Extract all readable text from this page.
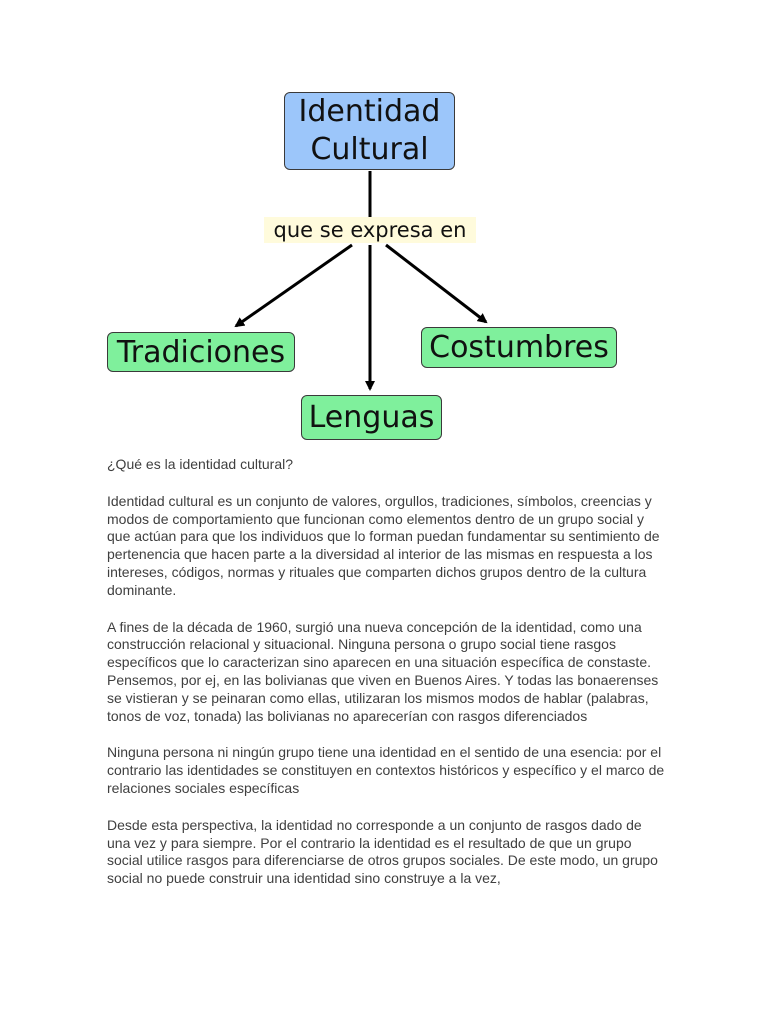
Identidad Cultural
que se expresa en
Tradiciones	Costumbres
Lenguas
¿Qué es la identidad cultural?

Identidad cultural es un conjunto de valores, orgullos, tradiciones, símbolos, creencias y modos de comportamiento que funcionan como elementos dentro de un grupo social y que actúan para que los individuos que lo forman puedan fundamentar su sentimiento de pertenencia que hacen parte a la diversidad al interior de las mismas en respuesta a los intereses, códigos, normas y rituales que comparten dichos grupos dentro de la cultura dominante.

A fines de la década de 1960, surgió una nueva concepción de la identidad, como una construcción relacional y situacional. Ninguna persona o grupo social tiene rasgos específicos que lo caracterizan sino aparecen en una situación específica de constaste. Pensemos, por ej, en las bolivianas que viven en Buenos Aires. Y todas las bonaerenses se vistieran y se peinaran como ellas, utilizaran los mismos modos de hablar (palabras, tonos de voz, tonada) las bolivianas no aparecerían con rasgos diferenciados

Ninguna persona ni ningún grupo tiene una identidad en el sentido de una esencia: por el contrario las identidades se constituyen en contextos históricos y específico y el marco de relaciones sociales específicas

Desde esta perspectiva, la identidad no corresponde a un conjunto de rasgos dado de una vez y para siempre. Por el contrario la identidad es el resultado de que un grupo social utilice rasgos para diferenciarse de otros grupos sociales. De este modo, un grupo social no puede construir una identidad sino construye a la vez,
